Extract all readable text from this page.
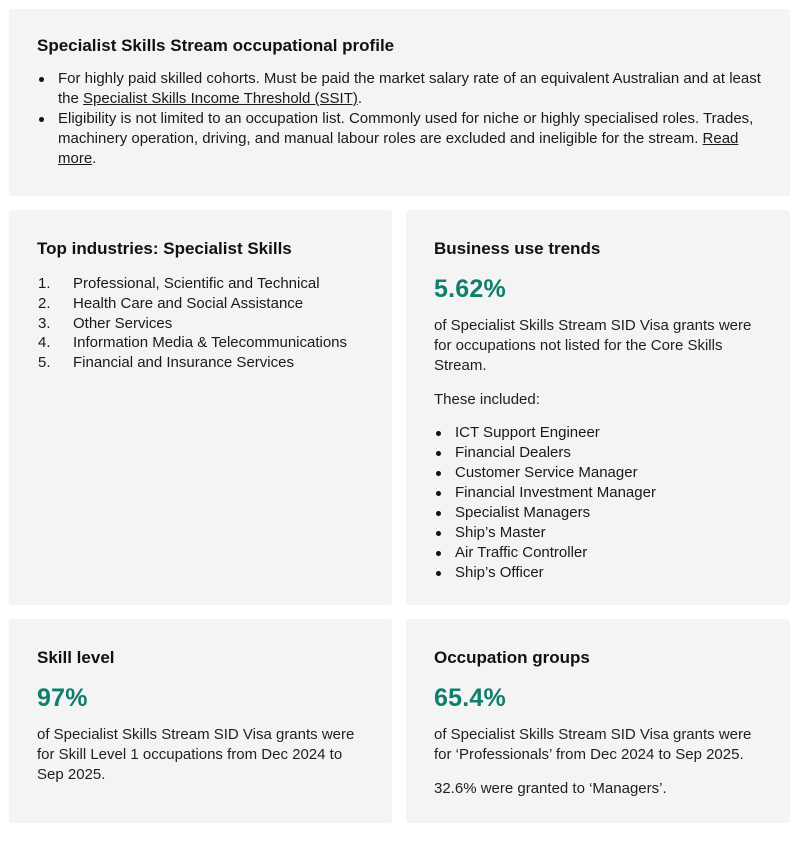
Specialist Skills Stream occupational profile
For highly paid skilled cohorts. Must be paid the market salary rate of an equivalent Australian and at least the Specialist Skills Income Threshold (SSIT).
Eligibility is not limited to an occupation list. Commonly used for niche or highly specialised roles. Trades, machinery operation, driving, and manual labour roles are excluded and ineligible for the stream. Read more.
Top industries: Specialist Skills
1.	Professional, Scientific and Technical
2.	Health Care and Social Assistance
3.	Other Services
4.	Information Media & Telecommunications
5.	Financial and Insurance Services
Business use trends
5.62%

of Specialist Skills Stream SID Visa grants were for occupations not listed for the Core Skills Stream.

These included:

ICT Support Engineer
Financial Dealers
Customer Service Manager
Financial Investment Manager
Specialist Managers
Ship’s Master
Air Traffic Controller
Ship’s Officer
Skill level
97%

of Specialist Skills Stream SID Visa grants were for Skill Level 1 occupations from Dec 2024 to Sep 2025.

Occupation groups
65.4%

of Specialist Skills Stream SID Visa grants were for ‘Professionals’ from Dec 2024 to Sep 2025.

32.6% were granted to ‘Managers’.
